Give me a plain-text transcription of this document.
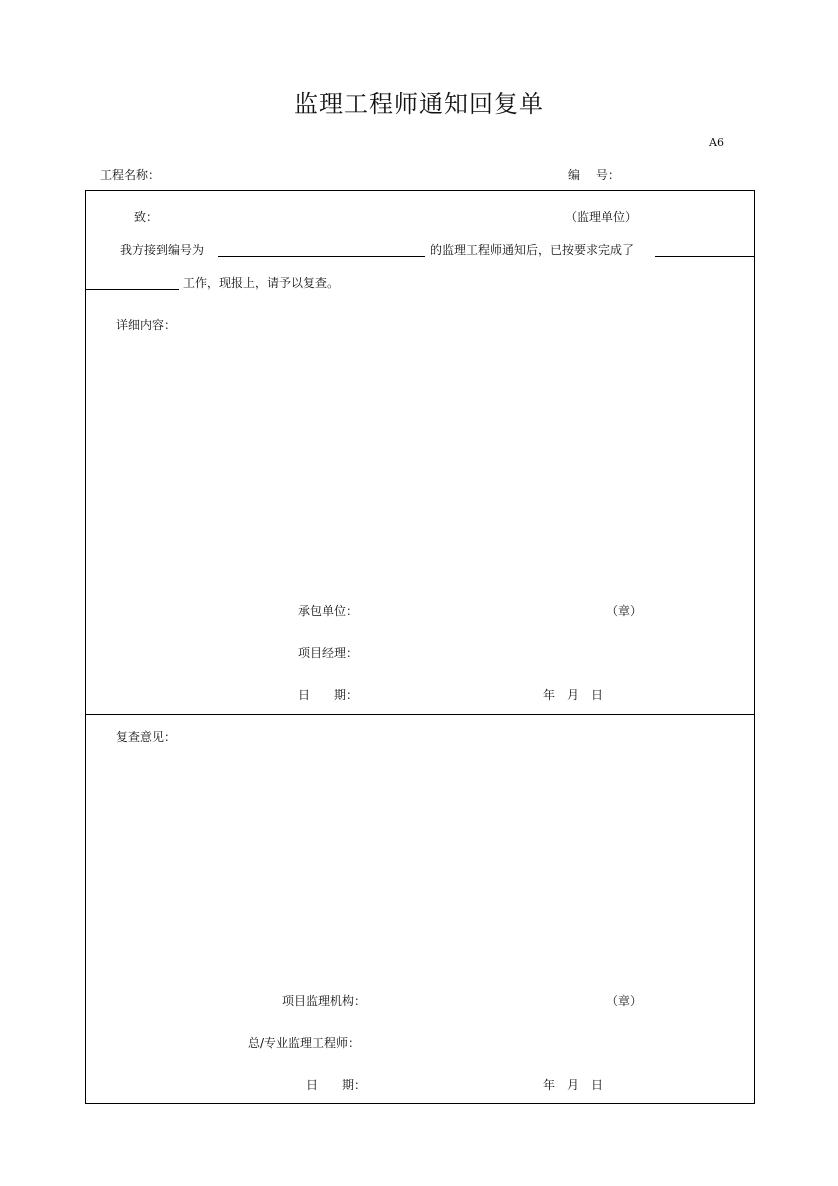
监理工程师通知回复单
A6
工程名称：	编　 号：
致：	（监理单位）
我方接到编号为	的监理工程师通知后，已按要求完成了
工作，现报上，请予以复查。
详细内容：
承包单位：	（章）
项目经理：
日　　期：	年　月　日
复查意见：
项目监理机构：	（章）
总/专业监理工程师：
日　　期：	年　月　日
